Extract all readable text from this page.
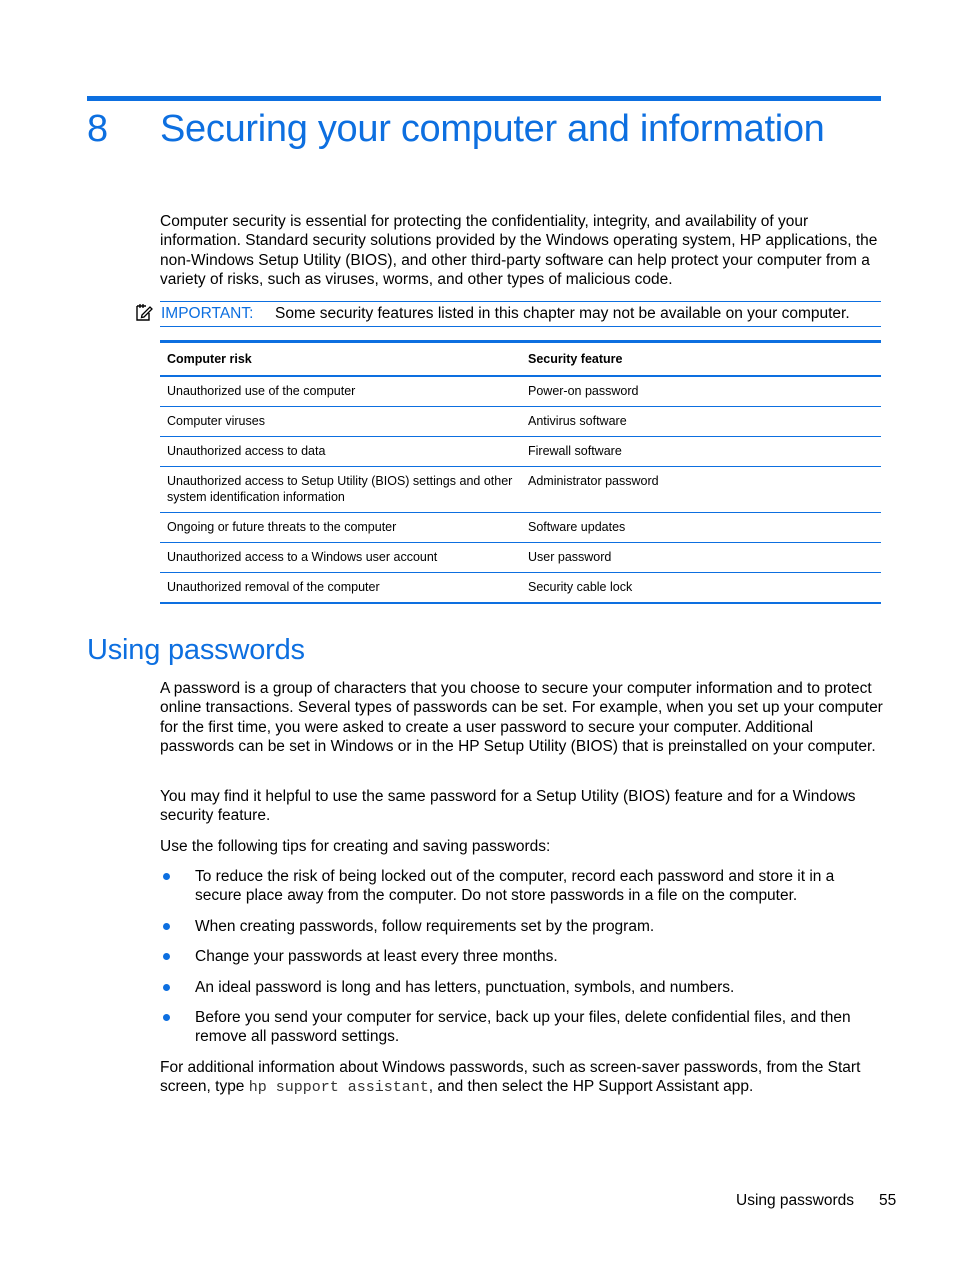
8 Securing your computer and information

Computer security is essential for protecting the confidentiality, integrity, and availability of your information. Standard security solutions provided by the Windows operating system, HP applications, the non-Windows Setup Utility (BIOS), and other third-party software can help protect your computer from a variety of risks, such as viruses, worms, and other types of malicious code.

IMPORTANT: Some security features listed in this chapter may not be available on your computer.
Computer risk	Security feature
Unauthorized use of the computer	Power-on password
Computer viruses	Antivirus software
Unauthorized access to data	Firewall software
Unauthorized access to Setup Utility (BIOS) settings and other system identification information	Administrator password
Ongoing or future threats to the computer	Software updates
Unauthorized access to a Windows user account	User password
Unauthorized removal of the computer	Security cable lock
Using passwords

A password is a group of characters that you choose to secure your computer information and to protect online transactions. Several types of passwords can be set. For example, when you set up your computer for the first time, you were asked to create a user password to secure your computer. Additional passwords can be set in Windows or in the HP Setup Utility (BIOS) that is preinstalled on your computer.

You may find it helpful to use the same password for a Setup Utility (BIOS) feature and for a Windows security feature.

Use the following tips for creating and saving passwords:

To reduce the risk of being locked out of the computer, record each password and store it in a secure place away from the computer. Do not store passwords in a file on the computer.
When creating passwords, follow requirements set by the program.
Change your passwords at least every three months.
An ideal password is long and has letters, punctuation, symbols, and numbers.
Before you send your computer for service, back up your files, delete confidential files, and then remove all password settings.

For additional information about Windows passwords, such as screen-saver passwords, from the Start screen, type hp support assistant, and then select the HP Support Assistant app.

Using passwords 55
